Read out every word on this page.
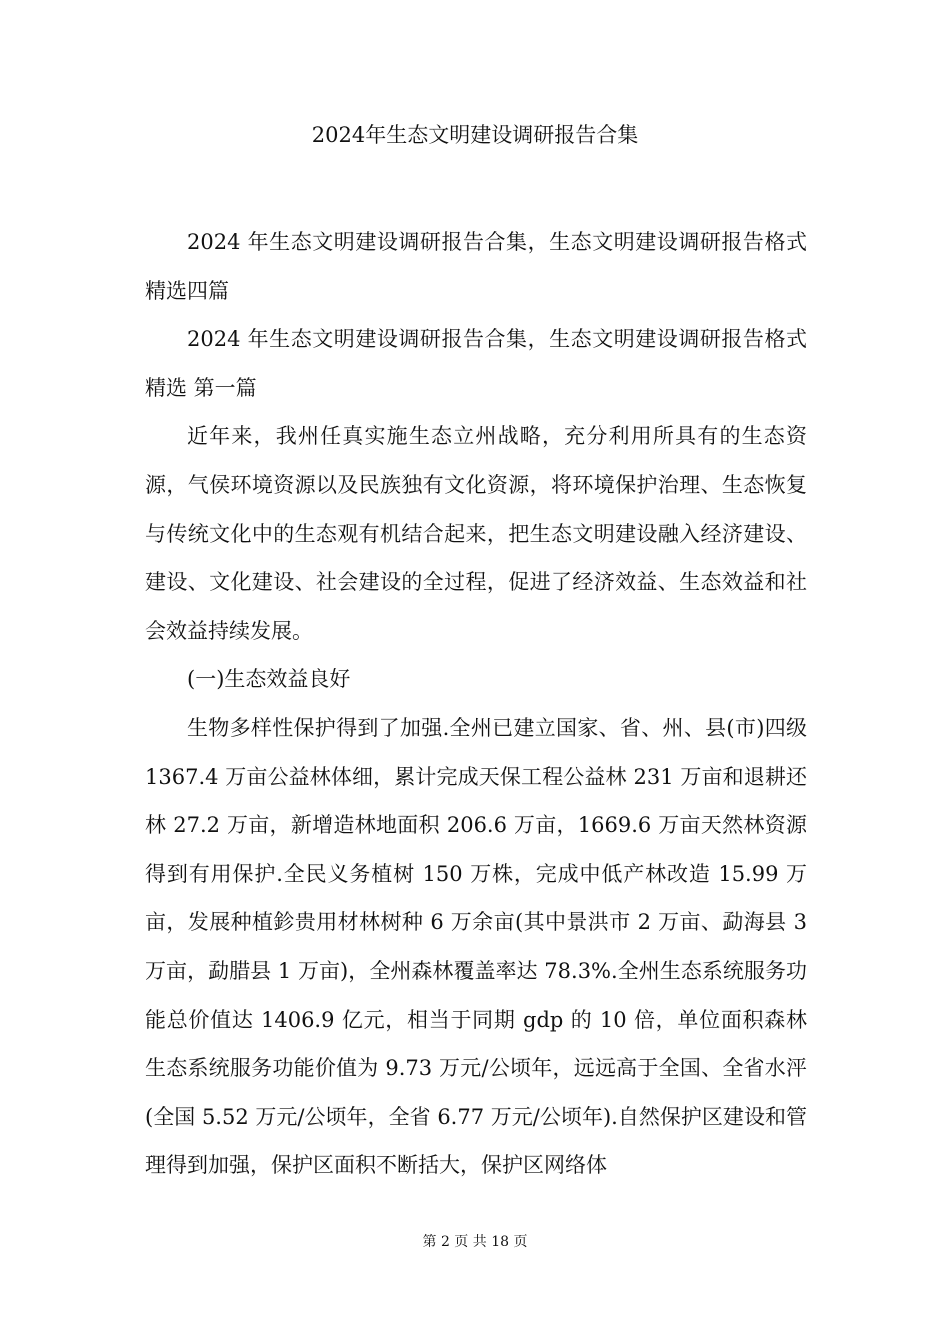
2024年生态文明建设调研报告合集

2024 年生态文明建设调研报告合集，生态文明建设调研报告格式精选四篇

2024 年生态文明建设调研报告合集，生态文明建设调研报告格式精选 第一篇

近年来，我州任真实施生态立州战略，充分利用所具有的生态资源，气侯环境资源以及民族独有文化资源，将环境保护治理、生态恢复与传统文化中的生态观有机结合起来，把生态文明建设融入经济建设、建设、文化建设、社会建设的全过程，促进了经济效益、生态效益和社会效益持续发展。

(一)生态效益良好

生物多样性保护得到了加强.全州已建立国家、省、州、县(市)四级 1367.4 万亩公益林体细，累计完成天保工程公益林 231 万亩和退耕还林 27.2 万亩，新增造林地面积 206.6 万亩，1669.6 万亩天然林资源得到有用保护.全民义务植树 150 万株，完成中低产林改造 15.99 万亩，发展种植鉁贵用材林树种 6 万余亩(其中景洪市 2 万亩、勐海县 3 万亩，勐腊县 1 万亩)，全州森林覆盖率达 78.3%.全州生态系统服务功能总价值达 1406.9 亿元，相当于同期 gdp 的 10 倍，单位面积森林生态系统服务功能价值为 9.73 万元/公顷年，远远高于全国、全省水泙(全国 5.52 万元/公顷年，全省 6.77 万元/公顷年).自然保护区建设和管理得到加强，保护区面积不断括大，保护区网络体

第 2 页 共 18 页
